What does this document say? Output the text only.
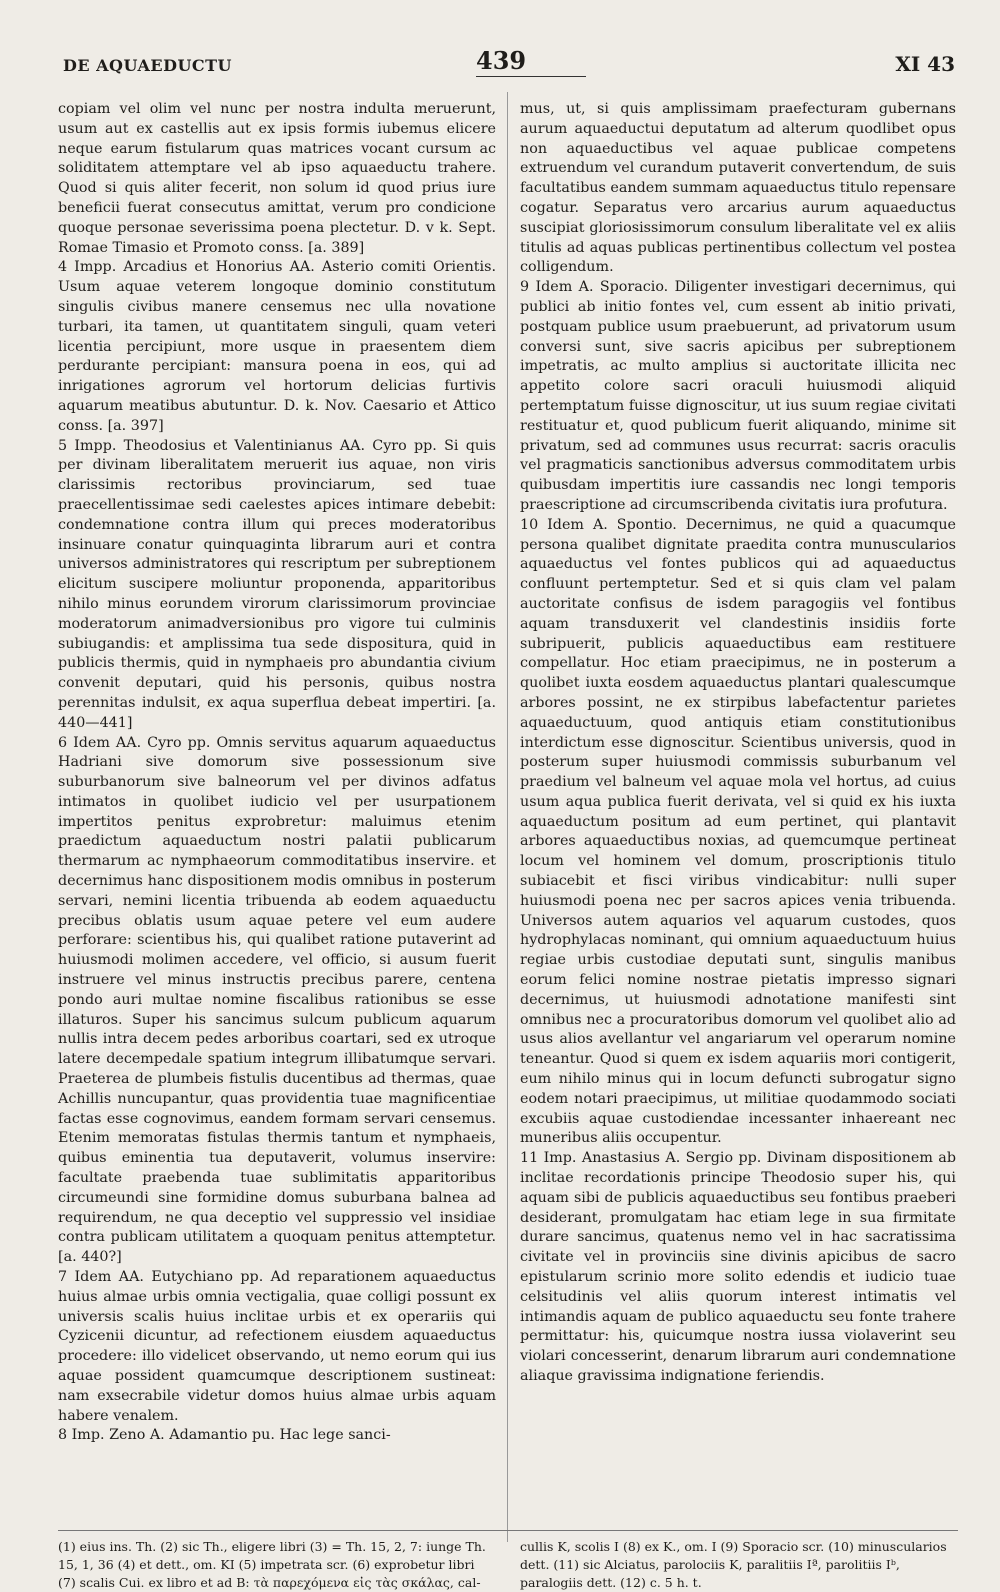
DE AQUAEDUCTU	439	XI 43

copiam vel olim vel nunc per nostra indulta meruerunt, usum aut ex castellis aut ex ipsis formis iubemus elicere neque earum fistularum quas matrices vocant cursum ac soliditatem attemptare vel ab ipso aquaeductu trahere. Quod si quis aliter fecerit, non solum id quod prius iure beneficii fuerat consecutus amittat, verum pro condicione quoque personae severissima poena plectetur. D. v k. Sept. Romae Timasio et Promoto conss. [a. 389]

4 Impp. Arcadius et Honorius AA. Asterio comiti Orientis. Usum aquae veterem longoque dominio constitutum singulis civibus manere censemus nec ulla novatione turbari, ita tamen, ut quantitatem singuli, quam veteri licentia percipiunt, more usque in praesentem diem perdurante percipiant: mansura poena in eos, qui ad inrigationes agrorum vel hortorum delicias furtivis aquarum meatibus abutuntur. D. k. Nov. Caesario et Attico conss. [a. 397]

5 Impp. Theodosius et Valentinianus AA. Cyro pp. Si quis per divinam liberalitatem meruerit ius aquae, non viris clarissimis rectoribus provinciarum, sed tuae praecellentissimae sedi caelestes apices intimare debebit: condemnatione contra illum qui preces moderatoribus insinuare conatur quinquaginta librarum auri et contra universos administratores qui rescriptum per subreptionem elicitum suscipere moliuntur proponenda, apparitoribus nihilo minus eorundem virorum clarissimorum provinciae moderatorum animadversionibus pro vigore tui culminis subiugandis: et amplissima tua sede dispositura, quid in publicis thermis, quid in nymphaeis pro abundantia civium convenit deputari, quid his personis, quibus nostra perennitas indulsit, ex aqua superflua debeat impertiri. [a. 440—441]

6 Idem AA. Cyro pp. Omnis servitus aquarum aquaeductus Hadriani sive domorum sive possessionum sive suburbanorum sive balneorum vel per divinos adfatus intimatos in quolibet iudicio vel per usurpationem impertitos penitus exprobretur: maluimus etenim praedictum aquaeductum nostri palatii publicarum thermarum ac nymphaeorum commoditatibus inservire. et decernimus hanc dispositionem modis omnibus in posterum servari, nemini licentia tribuenda ab eodem aquaeductu precibus oblatis usum aquae petere vel eum audere perforare: scientibus his, qui qualibet ratione putaverint ad huiusmodi molimen accedere, vel officio, si ausum fuerit instruere vel minus instructis precibus parere, centena pondo auri multae nomine fiscalibus rationibus se esse illaturos. Super his sancimus sulcum publicum aquarum nullis intra decem pedes arboribus coartari, sed ex utroque latere decempedale spatium integrum illibatumque servari. Praeterea de plumbeis fistulis ducentibus ad thermas, quae Achillis nuncupantur, quas providentia tuae magnificentiae factas esse cognovimus, eandem formam servari censemus. Etenim memoratas fistulas thermis tantum et nymphaeis, quibus eminentia tua deputaverit, volumus inservire: facultate praebenda tuae sublimitatis apparitoribus circumeundi sine formidine domus suburbana balnea ad requirendum, ne qua deceptio vel suppressio vel insidiae contra publicam utilitatem a quoquam penitus attemptetur. [a. 440?]

7 Idem AA. Eutychiano pp. Ad reparationem aquaeductus huius almae urbis omnia vectigalia, quae colligi possunt ex universis scalis huius inclitae urbis et ex operariis qui Cyzicenii dicuntur, ad refectionem eiusdem aquaeductus procedere: illo videlicet observando, ut nemo eorum qui ius aquae possident quamcumque descriptionem sustineat: nam exsecrabile videtur domos huius almae urbis aquam habere venalem.

8 Imp. Zeno A. Adamantio pu. Hac lege sanci-

mus, ut, si quis amplissimam praefecturam gubernans aurum aquaeductui deputatum ad alterum quodlibet opus non aquaeductibus vel aquae publicae competens extruendum vel curandum putaverit convertendum, de suis facultatibus eandem summam aquaeductus titulo repensare cogatur. Separatus vero arcarius aurum aquaeductus suscipiat gloriosissimorum consulum liberalitate vel ex aliis titulis ad aquas publicas pertinentibus collectum vel postea colligendum.

9 Idem A. Sporacio. Diligenter investigari decernimus, qui publici ab initio fontes vel, cum essent ab initio privati, postquam publice usum praebuerunt, ad privatorum usum conversi sunt, sive sacris apicibus per subreptionem impetratis, ac multo amplius si auctoritate illicita nec appetito colore sacri oraculi huiusmodi aliquid pertemptatum fuisse dignoscitur, ut ius suum regiae civitati restituatur et, quod publicum fuerit aliquando, minime sit privatum, sed ad communes usus recurrat: sacris oraculis vel pragmaticis sanctionibus adversus commoditatem urbis quibusdam impertitis iure cassandis nec longi temporis praescriptione ad circumscribenda civitatis iura profutura.

10 Idem A. Spontio. Decernimus, ne quid a quacumque persona qualibet dignitate praedita contra munuscularios aquaeductus vel fontes publicos qui ad aquaeductus confluunt pertemptetur. Sed et si quis clam vel palam auctoritate confisus de isdem paragogiis vel fontibus aquam transduxerit vel clandestinis insidiis forte subripuerit, publicis aquaeductibus eam restituere compellatur. Hoc etiam praecipimus, ne in posterum a quolibet iuxta eosdem aquaeductus plantari qualescumque arbores possint, ne ex stirpibus labefactentur parietes aquaeductuum, quod antiquis etiam constitutionibus interdictum esse dignoscitur. Scientibus universis, quod in posterum super huiusmodi commissis suburbanum vel praedium vel balneum vel aquae mola vel hortus, ad cuius usum aqua publica fuerit derivata, vel si quid ex his iuxta aquaeductum positum ad eum pertinet, qui plantavit arbores aquaeductibus noxias, ad quemcumque pertineat locum vel hominem vel domum, proscriptionis titulo subiacebit et fisci viribus vindicabitur: nulli super huiusmodi poena nec per sacros apices venia tribuenda. Universos autem aquarios vel aquarum custodes, quos hydrophylacas nominant, qui omnium aquaeductuum huius regiae urbis custodiae deputati sunt, singulis manibus eorum felici nomine nostrae pietatis impresso signari decernimus, ut huiusmodi adnotatione manifesti sint omnibus nec a procuratoribus domorum vel quolibet alio ad usus alios avellantur vel angariarum vel operarum nomine teneantur. Quod si quem ex isdem aquariis mori contigerit, eum nihilo minus qui in locum defuncti subrogatur signo eodem notari praecipimus, ut militiae quodammodo sociati excubiis aquae custodiendae incessanter inhaereant nec muneribus aliis occupentur.

11 Imp. Anastasius A. Sergio pp. Divinam dispositionem ab inclitae recordationis principe Theodosio super his, qui aquam sibi de publicis aquaeductibus seu fontibus praeberi desiderant, promulgatam hac etiam lege in sua firmitate durare sancimus, quatenus nemo vel in hac sacratissima civitate vel in provinciis sine divinis apicibus de sacro epistularum scrinio more solito edendis et iudicio tuae celsitudinis vel aliis quorum interest intimatis vel intimandis aquam de publico aquaeductu seu fonte trahere permittatur: his, quicumque nostra iussa violaverint seu violari concesserint, denarum librarum auri condemnatione aliaque gravissima indignatione feriendis.

(1) eius ins. Th. (2) sic Th., eligere libri (3) = Th. 15, 2, 7: iunge Th. 15, 1, 36 (4) et dett., om. KI (5) impetrata scr. (6) exprobetur libri (7) scalis Cui. ex libro et ad B: τὰ παρεχόμενα εἰς τὰς σκάλας, cal-

cullis K, scolis I (8) ex K., om. I (9) Sporacio scr. (10) minuscularios dett. (11) sic Alciatus, parolociis K, paralitiis Iª, parolitiis Iᵇ, paralogiis dett. (12) c. 5 h. t.
